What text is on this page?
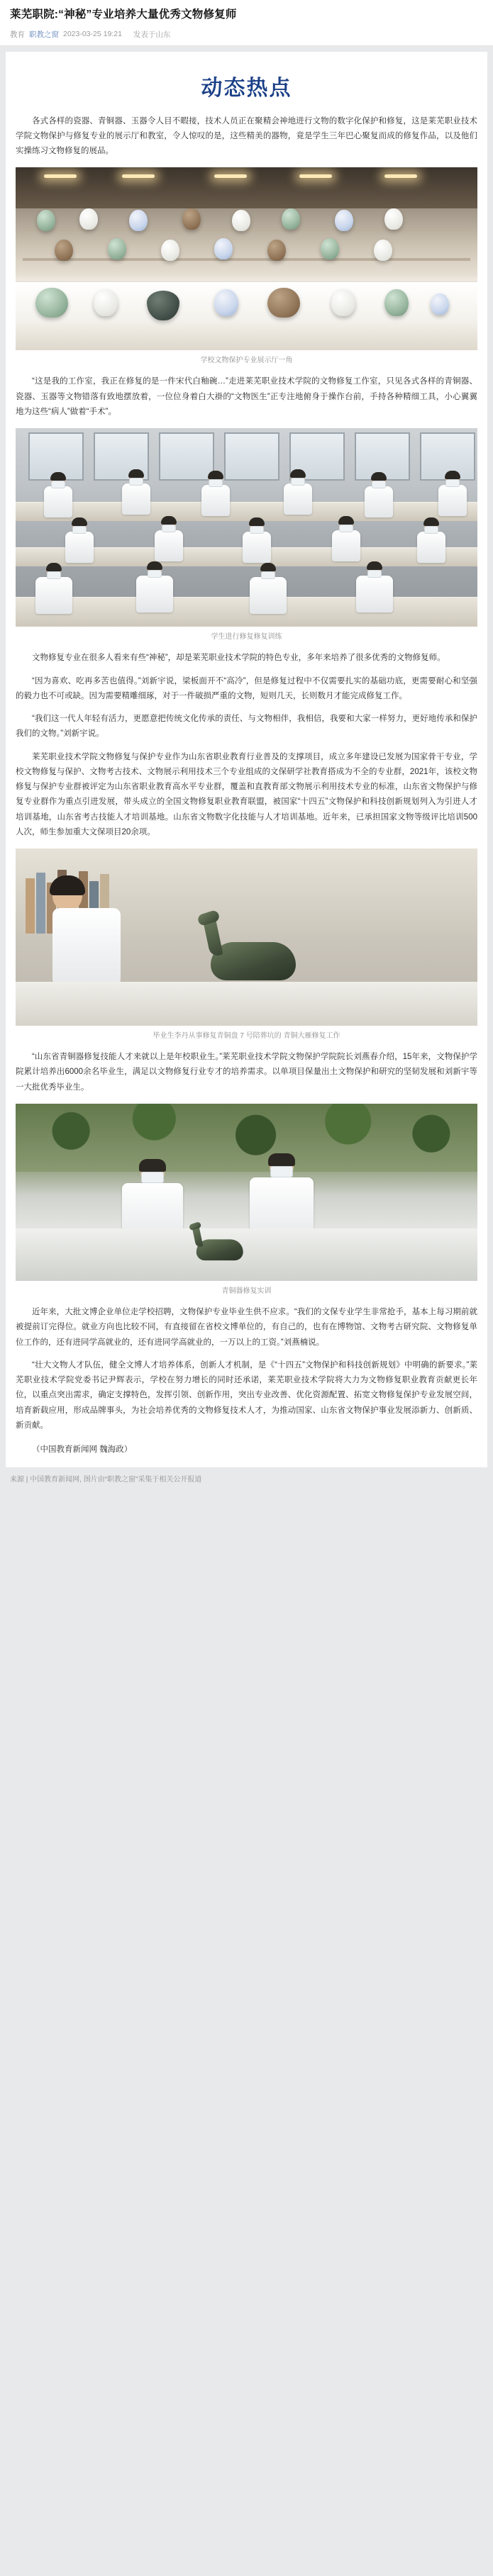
莱芜职院:“神秘”专业培养大量优秀文物修复师
教育 职教之窗 2023-03-25 19:21 发表于山东
动态热点

各式各样的瓷器、青铜器、玉器令人目不暇接，技术人员正在聚精会神地进行文物的数字化保护和修复，这是莱芜职业技术学院文物保护与修复专业的展示厅和教室，令人惊叹的是，这些精美的器物，竟是学生三年巴心聚复而成的修复作品，以及他们实操练习文物修复的展品。

学校文物保护专业展示厅一角

“这是我的工作室，我正在修复的是一件宋代白釉碗…”走进莱芜职业技术学院的文物修复工作室，只见各式各样的青铜器、瓷器、玉器等文物错落有致地摆放着，一位位身着白大褂的“文物医生”正专注地俯身于操作台前，手持各种精细工具，小心翼翼地为这些“病人”做着“手术”。

学生进行修复修复训练

文物修复专业在很多人看来有些“神秘”，却是莱芜职业技术学院的特色专业，多年来培养了很多优秀的文物修复师。

“因为喜欢、吃再多苦也值得。”刘新宇说，梁板面开不“高冷”，但是修复过程中不仅需要扎实的基础功底，更需要耐心和坚强的毅力也不可或缺。因为需要精雕细琢，对于一件破损严重的文物，短则几天，长则数月才能完成修复工作。

“我们这一代人年轻有活力，更愿意把传统文化传承的责任、与文物相伴，我相信，我要和大家一样努力，更好地传承和保护我们的文物。”刘新宇说。

莱芜职业技术学院文物修复与保护专业作为山东省职业教育行业普及的支撑项目，成立多年建设已发展为国家骨干专业，学校文物修复与保护、文物考古技术、文物展示利用技术三个专业组成的文保研学社教育搭成为不全的专业群，2021年，该校文物修复与保护专业群被评定为山东省职业教育高水平专业群，覆盖和直教育部文物展示利用技术专业的标准，山东省文物保护与修复专业群作为重点引进发展，带头成立的全国文物修复职业教育联盟，被国家“十四五”文物保护和科技创新规划列入为引进人才培训基地，山东省考古技能人才培训基地。山东省文物数字化技能与人才培训基地。近年来，已承担国家文物等级评比培训500人次，师生参加重大文保项目20余项。

毕业生李丹从事修复青铜盘 7 号陪葬坑的 青铜大雁修复工作

“山东省青铜器修复技能人才来就以上是年校职业生。”莱芜职业技术学院文物保护学院院长刘燕春介绍，15年来，文物保护学院累计培养出6000余名毕业生，满足以文物修复行业专才的培养需求。以单项目保量出土文物保护和研究的坚韧发展和刘新宇等一大批优秀毕业生。

青铜器修复实训

近年来，大批文博企业单位走学校招聘，文物保护专业毕业生供不应求。“我们的文保专业学生非常抢手，基本上每习期前就被提前订完得位。就业方向也比较不同，有直接留在省校文博单位的，有自己的，也有在博物馆、文物考古研究院、文物修复单位工作的，还有进同学高就业的，还有进同学高就业的，一万以上的工资。”刘燕楠说。

“壮大文物人才队伍，健全文博人才培养体系，创新人才机制，是《“十四五”文物保护和科技创新规划》中明确的新要求。”莱芜职业技术学院党委书记尹辉表示，学校在努力增长的同时还承诺，莱芜职业技术学院将大力为文物修复职业教育贡献更长年位，以重点突出需求，确定支撑特色，发挥引领、创新作用，突出专业改善、优化资源配置、拓宽文物修复保护专业发展空间，培育新载应用，形成品牌事头，为社会培养优秀的文物修复技术人才，为推动国家、山东省文物保护事业发展添新力、创新质、新贡献。

（中国教育新闻网 魏海政）
来源 | 中国教育新闻网, 图片由“职教之窗”采集于相关公开报道
